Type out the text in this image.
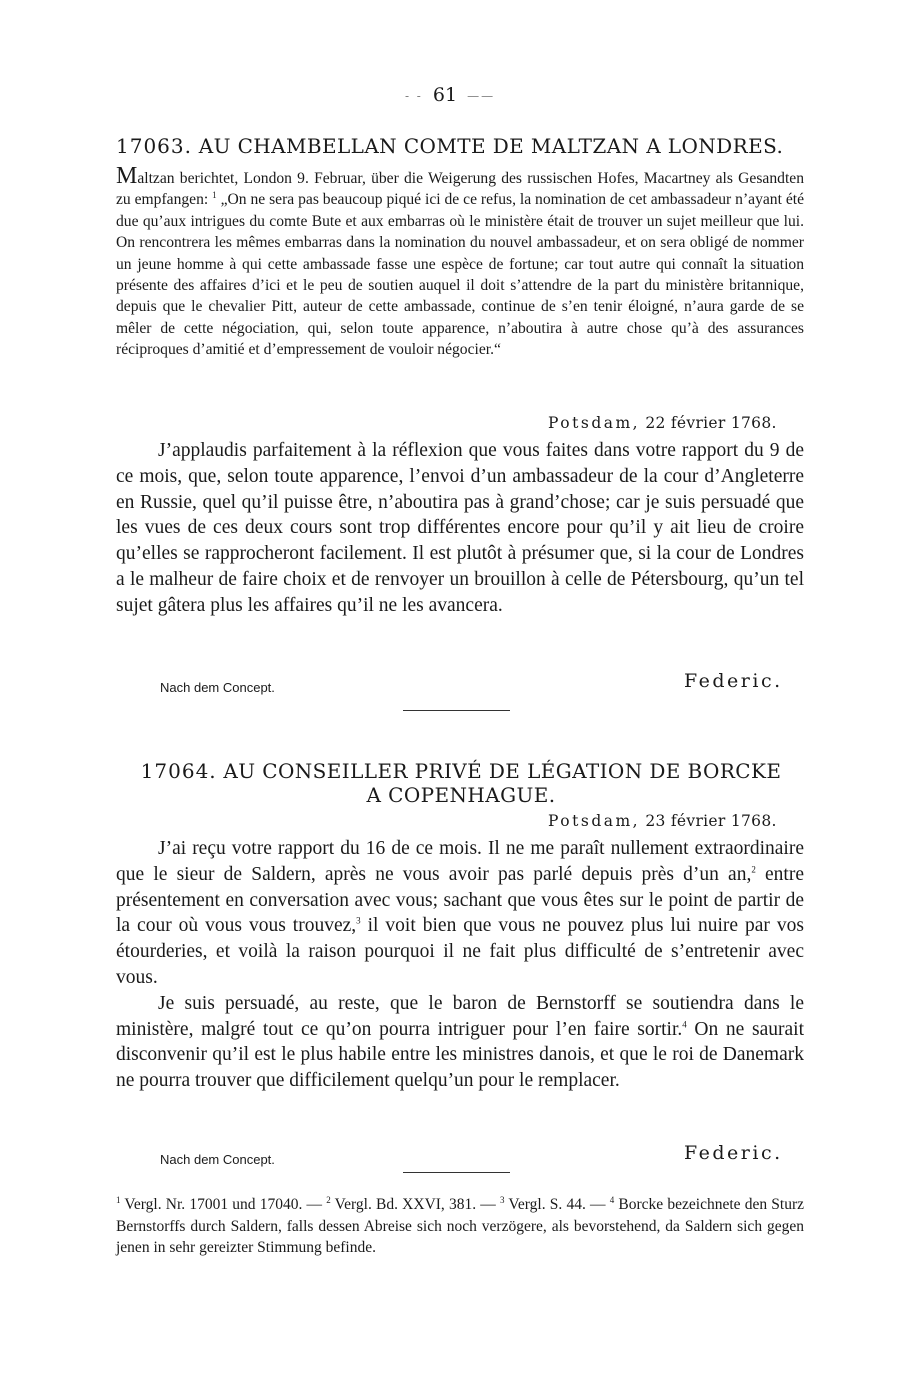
- - 61 ——
17063. AU CHAMBELLAN COMTE DE MALTZAN A LONDRES.
Maltzan berichtet, London 9. Februar, über die Weigerung des russischen Hofes, Macartney als Gesandten zu empfangen: $^1$ „On ne sera pas beaucoup piqué ici de ce refus, la nomination de cet ambassadeur n’ayant été due qu’aux intrigues du comte Bute et aux embarras où le ministère était de trouver un sujet meilleur que lui. On rencontrera les mêmes embarras dans la nomination du nouvel ambassadeur, et on sera obligé de nommer un jeune homme à qui cette ambassade fasse une espèce de fortune; car tout autre qui connaît la situation présente des affaires d’ici et le peu de soutien auquel il doit s’attendre de la part du ministère britannique, depuis que le chevalier Pitt, auteur de cette ambassade, continue de s’en tenir éloigné, n’aura garde de se mêler de cette négociation, qui, selon toute apparence, n’aboutira à autre chose qu’à des assurances réciproques d’amitié et d’empressement de vouloir négocier.“
Potsdam, 22 février 1768.

J’applaudis parfaitement à la réflexion que vous faites dans votre rapport du 9 de ce mois, que, selon toute apparence, l’envoi d’un ambassadeur de la cour d’Angleterre en Russie, quel qu’il puisse être, n’aboutira pas à grand’chose; car je suis persuadé que les vues de ces deux cours sont trop différentes encore pour qu’il y ait lieu de croire qu’elles se rapprocheront facilement. Il est plutôt à présumer que, si la cour de Londres a le malheur de faire choix et de renvoyer un brouillon à celle de Pétersbourg, qu’un tel sujet gâtera plus les affaires qu’il ne les avancera.

Nach dem Concept.	Federic.
17064. AU CONSEILLER PRIVÉ DE LÉGATION DE BORCKE
A COPENHAGUE.
Potsdam, 23 février 1768.

J’ai reçu votre rapport du 16 de ce mois. Il ne me paraît nullement extraordinaire que le sieur de Saldern, après ne vous avoir pas parlé depuis près d’un an,$^2$ entre présentement en conversation avec vous; sachant que vous êtes sur le point de partir de la cour où vous vous trouvez,$^3$ il voit bien que vous ne pouvez plus lui nuire par vos étourderies, et voilà la raison pourquoi il ne fait plus difficulté de s’entretenir avec vous.

Je suis persuadé, au reste, que le baron de Bernstorff se soutiendra dans le ministère, malgré tout ce qu’on pourra intriguer pour l’en faire sortir.$^4$ On ne saurait disconvenir qu’il est le plus habile entre les ministres danois, et que le roi de Danemark ne pourra trouver que difficilement quelqu’un pour le remplacer.

Nach dem Concept.	Federic.
$^1$ Vergl. Nr. 17001 und 17040. — $^2$ Vergl. Bd. XXVI, 381. — $^3$ Vergl. S. 44. — $^4$ Borcke bezeichnete den Sturz Bernstorffs durch Saldern, falls dessen Abreise sich noch verzögere, als bevorstehend, da Saldern sich gegen jenen in sehr gereizter Stimmung befinde.
